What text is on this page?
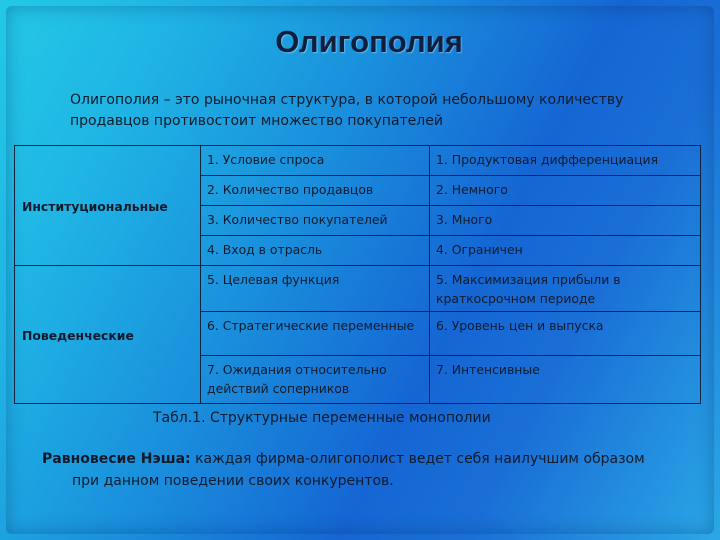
Олигополия
Олигополия – это рыночная структура, в которой небольшому количеству продавцов противостоит множество покупателей
Институциональные	1. Условие спроса	1. Продуктовая дифференциация
	2. Количество продавцов	2. Немного
	3. Количество покупателей	3. Много
	4. Вход в отрасль	4. Ограничен
Поведенческие	5. Целевая функция	5. Максимизация прибыли в краткосрочном периоде
	6. Стратегические переменные	6. Уровень цен и выпуска
	7. Ожидания относительно действий соперников	7. Интенсивные
Табл.1. Структурные переменные монополии
Равновесие Нэша: каждая фирма-олигополист ведет себя наилучшим образом
при данном поведении своих конкурентов.
